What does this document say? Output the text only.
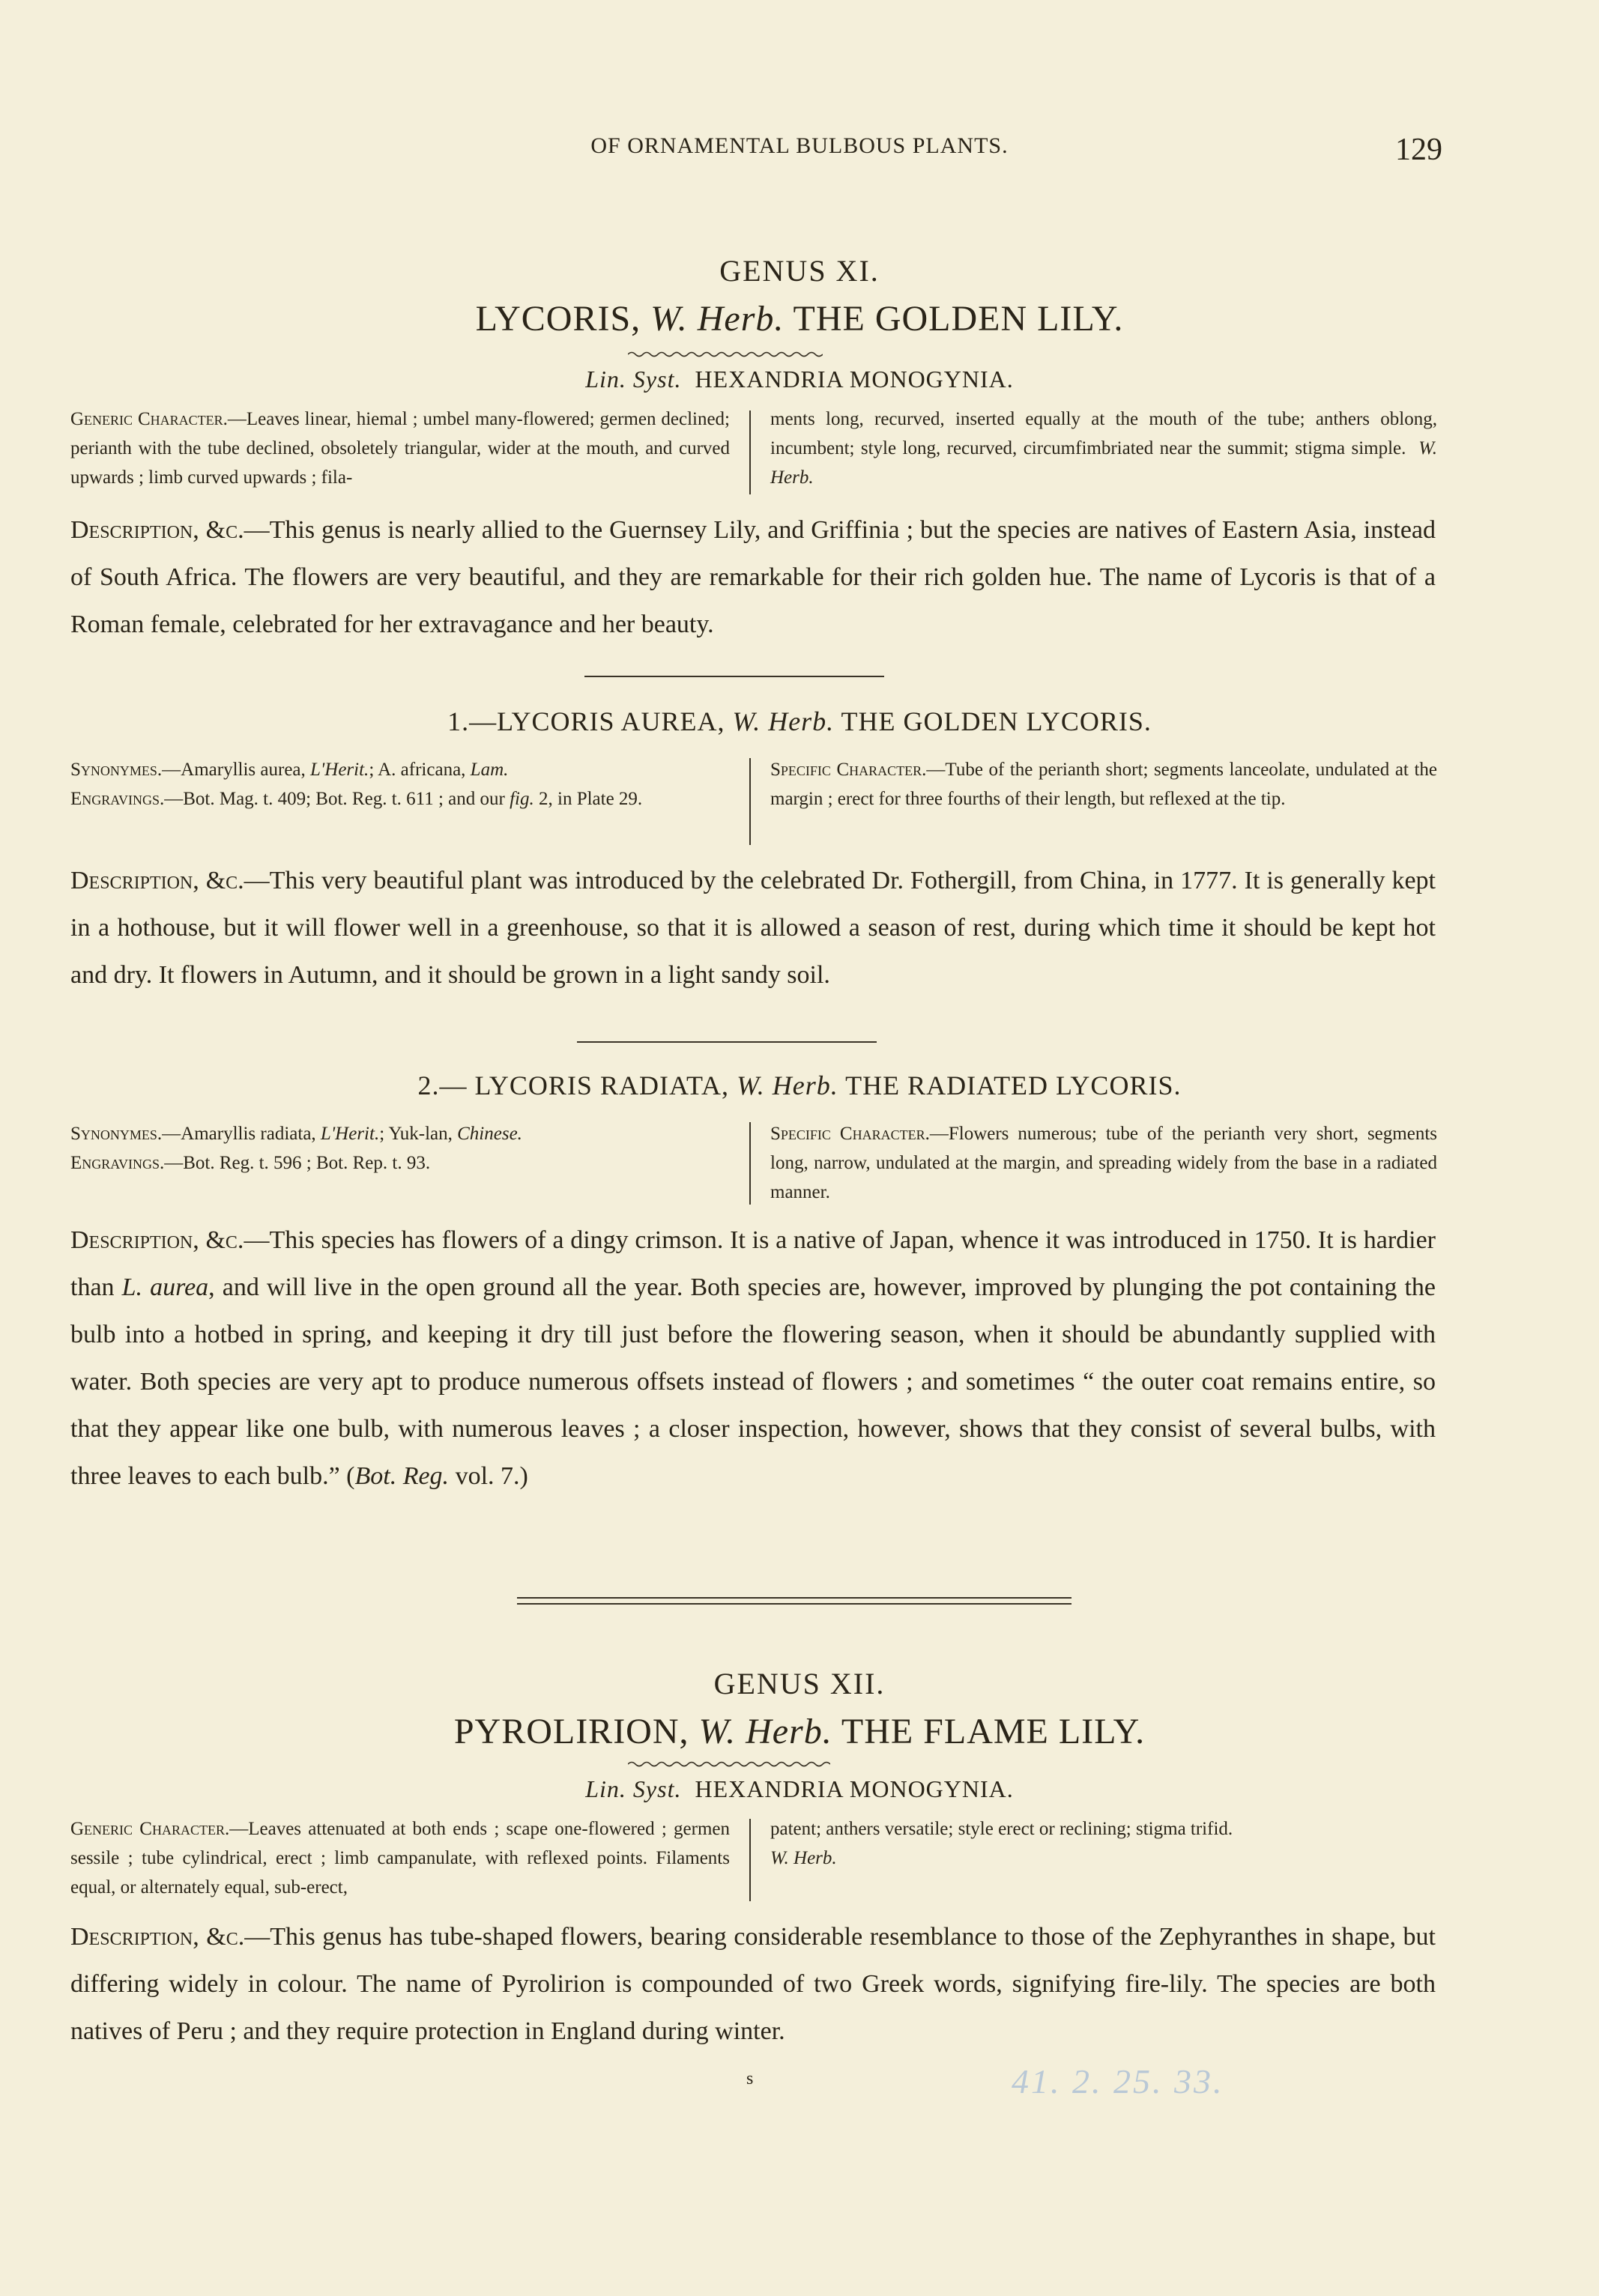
OF ORNAMENTAL BULBOUS PLANTS.	129
GENUS XI.
LYCORIS, W. Herb. THE GOLDEN LILY.
Lin. Syst. HEXANDRIA MONOGYNIA.
Generic Character.—Leaves linear, hiemal ; umbel many-flowered; germen declined; perianth with the tube declined, obsoletely triangular, wider at the mouth, and curved upwards ; limb curved upwards ; fila-
ments long, recurved, inserted equally at the mouth of the tube; anthers oblong, incumbent; style long, recurved, circumfimbriated near the summit; stigma simple. W. Herb.
Description, &c.—This genus is nearly allied to the Guernsey Lily, and Griffinia ; but the species are natives of Eastern Asia, instead of South Africa. The flowers are very beautiful, and they are remarkable for their rich golden hue. The name of Lycoris is that of a Roman female, celebrated for her extravagance and her beauty.
1.—LYCORIS AUREA, W. Herb. THE GOLDEN LYCORIS.
Synonymes.—Amaryllis aurea, L'Herit.; A. africana, Lam.
Engravings.—Bot. Mag. t. 409; Bot. Reg. t. 611 ; and our fig. 2, in Plate 29.
Specific Character.—Tube of the perianth short; segments lanceolate, undulated at the margin ; erect for three fourths of their length, but reflexed at the tip.
Description, &c.—This very beautiful plant was introduced by the celebrated Dr. Fothergill, from China, in 1777. It is generally kept in a hothouse, but it will flower well in a greenhouse, so that it is allowed a season of rest, during which time it should be kept hot and dry. It flowers in Autumn, and it should be grown in a light sandy soil.
2.— LYCORIS RADIATA, W. Herb. THE RADIATED LYCORIS.
Synonymes.—Amaryllis radiata, L'Herit.; Yuk-lan, Chinese.
Engravings.—Bot. Reg. t. 596 ; Bot. Rep. t. 93.
Specific Character.—Flowers numerous; tube of the perianth very short, segments long, narrow, undulated at the margin, and spreading widely from the base in a radiated manner.
Description, &c.—This species has flowers of a dingy crimson. It is a native of Japan, whence it was introduced in 1750. It is hardier than L. aurea, and will live in the open ground all the year. Both species are, however, improved by plunging the pot containing the bulb into a hotbed in spring, and keeping it dry till just before the flowering season, when it should be abundantly supplied with water. Both species are very apt to produce numerous offsets instead of flowers ; and sometimes “ the outer coat remains entire, so that they appear like one bulb, with numerous leaves ; a closer inspection, however, shows that they consist of several bulbs, with three leaves to each bulb.” (Bot. Reg. vol. 7.)
GENUS XII.
PYROLIRION, W. Herb. THE FLAME LILY.
Lin. Syst. HEXANDRIA MONOGYNIA.
Generic Character.—Leaves attenuated at both ends ; scape one-flowered ; germen sessile ; tube cylindrical, erect ; limb campanulate, with reflexed points. Filaments equal, or alternately equal, sub-erect,
patent; anthers versatile; style erect or reclining; stigma trifid.
W. Herb.
Description, &c.—This genus has tube-shaped flowers, bearing considerable resemblance to those of the Zephyranthes in shape, but differing widely in colour. The name of Pyrolirion is compounded of two Greek words, signifying fire-lily. The species are both natives of Peru ; and they require protection in England during winter.
s	41. 2. 25. 33.
